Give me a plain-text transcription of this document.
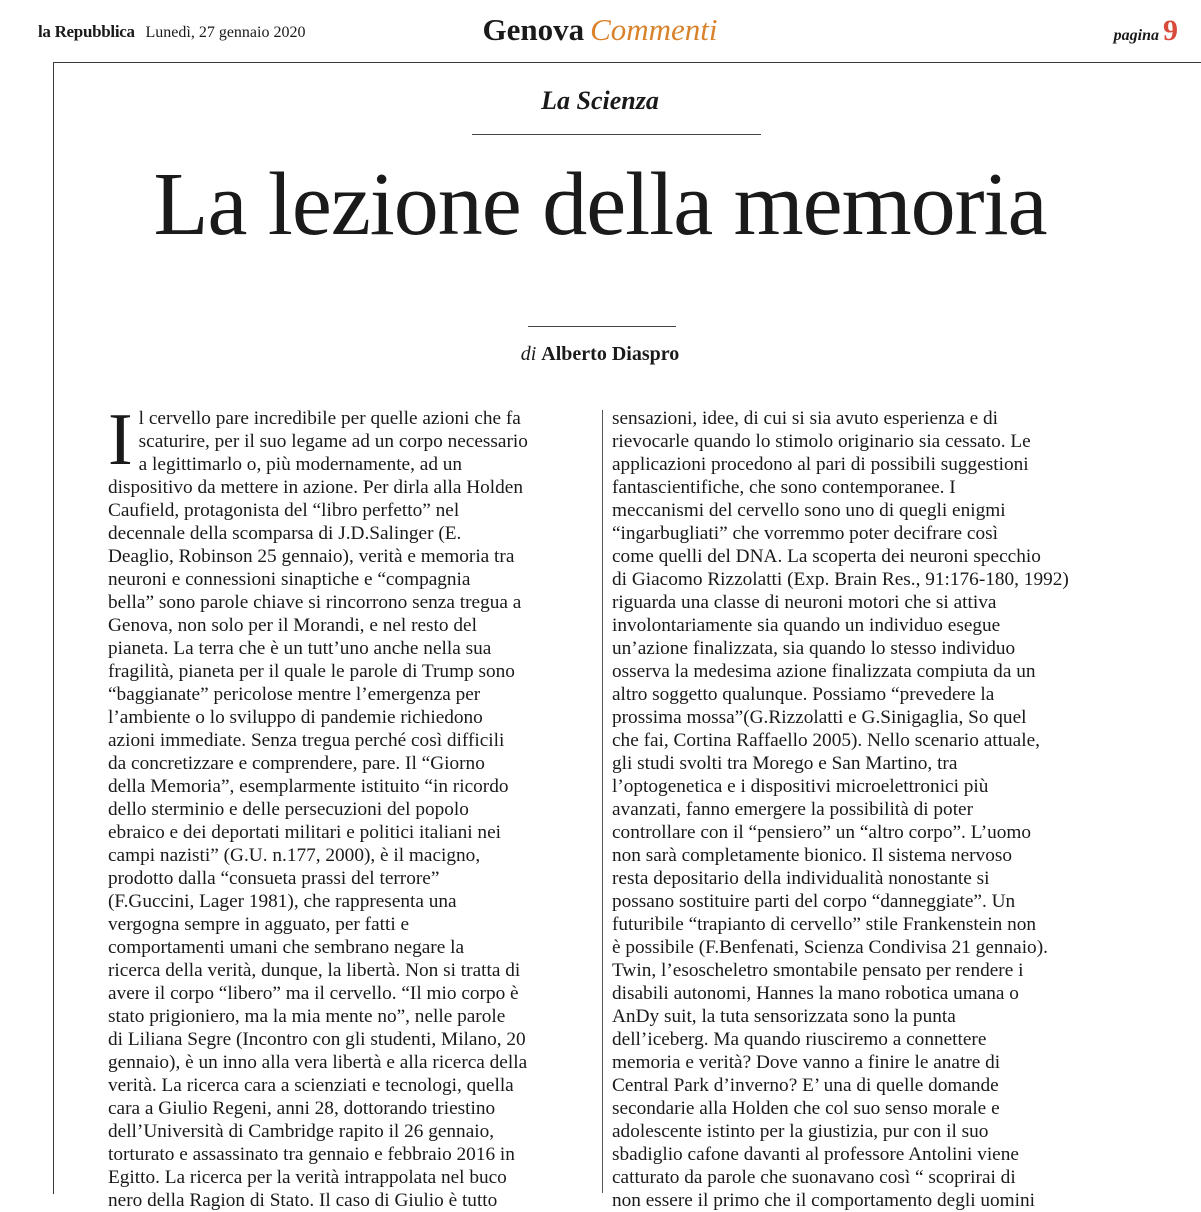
la Repubblica Lunedì, 27 gennaio 2020	Genova Commenti	pagina 9
La Scienza
La lezione della memoria
di Alberto Diaspro
I l cervello pare incredibile per quelle azioni che fa
scaturire, per il suo legame ad un corpo necessario
a legittimarlo o, più modernamente, ad un
dispositivo da mettere in azione. Per dirla alla Holden
Caufield, protagonista del “libro perfetto” nel
decennale della scomparsa di J.D.Salinger (E.
Deaglio, Robinson 25 gennaio), verità e memoria tra
neuroni e connessioni sinaptiche e “compagnia
bella” sono parole chiave si rincorrono senza tregua a
Genova, non solo per il Morandi, e nel resto del
pianeta. La terra che è un tutt’uno anche nella sua
fragilità, pianeta per il quale le parole di Trump sono
“baggianate” pericolose mentre l’emergenza per
l’ambiente o lo sviluppo di pandemie richiedono
azioni immediate. Senza tregua perché così difficili
da concretizzare e comprendere, pare. Il “Giorno
della Memoria”, esemplarmente istituito “in ricordo
dello sterminio e delle persecuzioni del popolo
ebraico e dei deportati militari e politici italiani nei
campi nazisti” (G.U. n.177, 2000), è il macigno,
prodotto dalla “consueta prassi del terrore”
(F.Guccini, Lager 1981), che rappresenta una
vergogna sempre in agguato, per fatti e
comportamenti umani che sembrano negare la
ricerca della verità, dunque, la libertà. Non si tratta di
avere il corpo “libero” ma il cervello. “Il mio corpo è
stato prigioniero, ma la mia mente no”, nelle parole
di Liliana Segre (Incontro con gli studenti, Milano, 20
gennaio), è un inno alla vera libertà e alla ricerca della
verità. La ricerca cara a scienziati e tecnologi, quella
cara a Giulio Regeni, anni 28, dottorando triestino
dell’Università di Cambridge rapito il 26 gennaio,
torturato e assassinato tra gennaio e febbraio 2016 in
Egitto. La ricerca per la verità intrappolata nel buco
nero della Ragion di Stato. Il caso di Giulio è tutto
sensazioni, idee, di cui si sia avuto esperienza e di
rievocarle quando lo stimolo originario sia cessato. Le
applicazioni procedono al pari di possibili suggestioni
fantascientifiche, che sono contemporanee. I
meccanismi del cervello sono uno di quegli enigmi
“ingarbugliati” che vorremmo poter decifrare così
come quelli del DNA. La scoperta dei neuroni specchio
di Giacomo Rizzolatti (Exp. Brain Res., 91:176-180, 1992)
riguarda una classe di neuroni motori che si attiva
involontariamente sia quando un individuo esegue
un’azione finalizzata, sia quando lo stesso individuo
osserva la medesima azione finalizzata compiuta da un
altro soggetto qualunque. Possiamo “prevedere la
prossima mossa”(G.Rizzolatti e G.Sinigaglia, So quel
che fai, Cortina Raffaello 2005). Nello scenario attuale,
gli studi svolti tra Morego e San Martino, tra
l’optogenetica e i dispositivi microelettronici più
avanzati, fanno emergere la possibilità di poter
controllare con il “pensiero” un “altro corpo”. L’uomo
non sarà completamente bionico. Il sistema nervoso
resta depositario della individualità nonostante si
possano sostituire parti del corpo “danneggiate”. Un
futuribile “trapianto di cervello” stile Frankenstein non
è possibile (F.Benfenati, Scienza Condivisa 21 gennaio).
Twin, l’esoscheletro smontabile pensato per rendere i
disabili autonomi, Hannes la mano robotica umana o
AnDy suit, la tuta sensorizzata sono la punta
dell’iceberg. Ma quando riusciremo a connettere
memoria e verità? Dove vanno a finire le anatre di
Central Park d’inverno? E’ una di quelle domande
secondarie alla Holden che col suo senso morale e
adolescente istinto per la giustizia, pur con il suo
sbadiglio cafone davanti al professore Antolini viene
catturato da parole che suonavano così “ scoprirai di
non essere il primo che il comportamento degli uomini
